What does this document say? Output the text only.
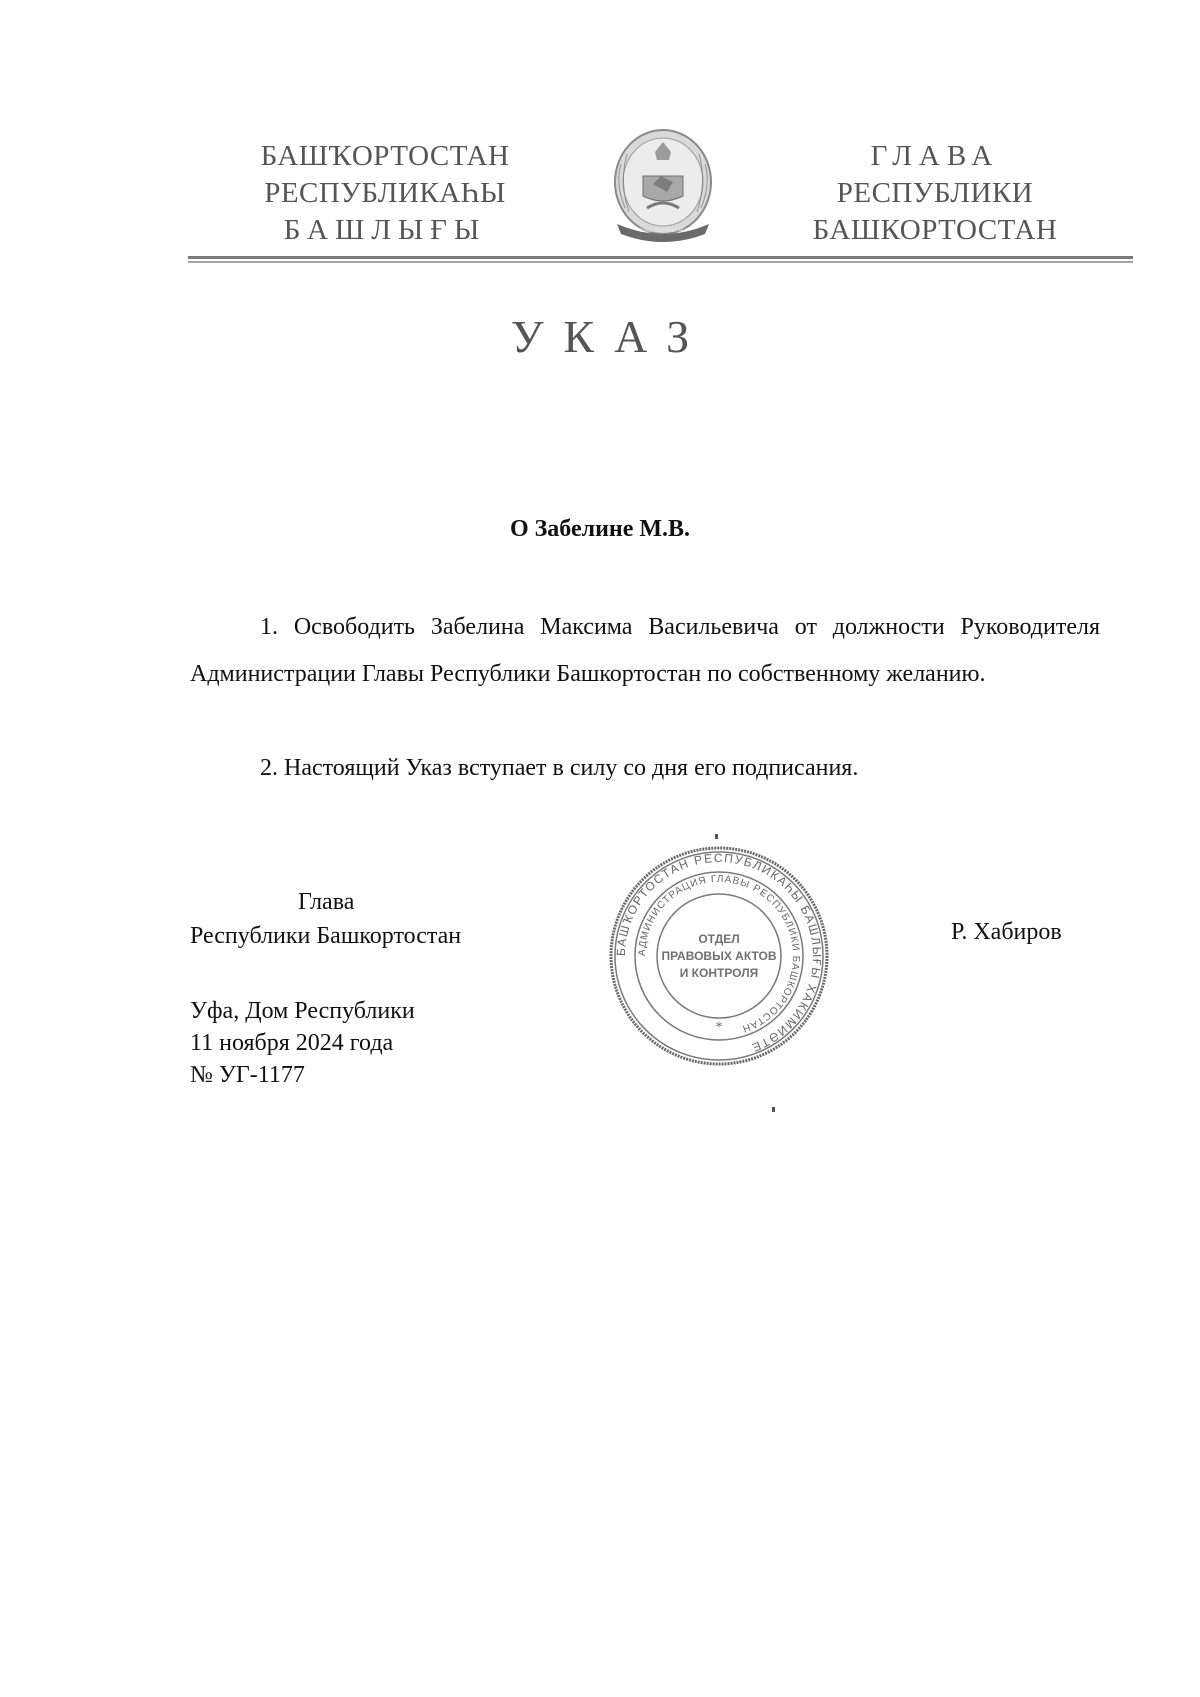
БАШҠОРТОСТАН
РЕСПУБЛИКАҺЫ
БАШЛЫҒЫ	БАШҠОРТОСТАН
ГЛАВА
РЕСПУБЛИКИ
БАШКОРТОСТАН
УКАЗ
О Забелине М.В.
1. Освободить Забелина Максима Васильевича от должности Руководителя Администрации Главы Республики Башкортостан по собственному желанию.
2. Настоящий Указ вступает в силу со дня его подписания.
Глава
Республики Башкортостан
БАШҠОРТОСТАН РЕСПУБЛИКАҺЫ БАШЛЫҒЫ ХАКИМИӘТЕ
АДМИНИСТРАЦИЯ ГЛАВЫ РЕСПУБЛИКИ БАШКОРТОСТАН
ОТДЕЛ
ПРАВОВЫХ АКТОВ
И КОНТРОЛЯ
*
Р. Хабиров
Уфа, Дом Республики
11 ноября 2024 года
№ УГ-1177
